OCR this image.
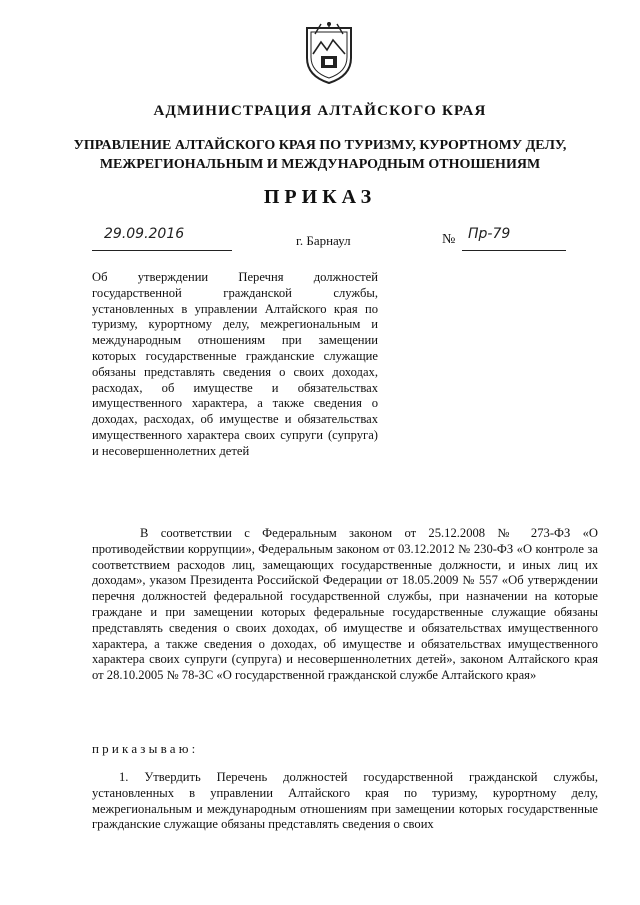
АДМИНИСТРАЦИЯ АЛТАЙСКОГО КРАЯ
УПРАВЛЕНИЕ АЛТАЙСКОГО КРАЯ ПО ТУРИЗМУ, КУРОРТНОМУ ДЕЛУ,
МЕЖРЕГИОНАЛЬНЫМ И МЕЖДУНАРОДНЫМ ОТНОШЕНИЯМ
ПРИКАЗ
29.09.2016	г. Барнаул	№ Пр-79
Об утверждении Перечня должностей государственной гражданской службы, установленных в управлении Алтайского края по туризму, курортному делу, межрегиональным и международным отношениям при замещении которых государственные гражданские служащие обязаны представлять сведения о своих доходах, расходах, об имуществе и обязательствах имущественного характера, а также сведения о доходах, расходах, об имуществе и обязательствах имущественного характера своих супруги (супруга) и несовершеннолетних детей
В соответствии с Федеральным законом от 25.12.2008 № 273-ФЗ «О противодействии коррупции», Федеральным законом от 03.12.2012 № 230-ФЗ «О контроле за соответствием расходов лиц, замещающих государственные должности, и иных лиц их доходам», указом Президента Российской Федерации от 18.05.2009 № 557 «Об утверждении перечня должностей федеральной государственной службы, при назначении на которые граждане и при замещении которых федеральные государственные служащие обязаны представлять сведения о своих доходах, об имуществе и обязательствах имущественного характера, а также сведения о доходах, об имуществе и обязательствах имущественного характера своих супруги (супруга) и несовершеннолетних детей», законом Алтайского края от 28.10.2005 № 78-ЗС «О государственной гражданской службе Алтайского края»
приказываю:
1. Утвердить Перечень должностей государственной гражданской службы, установленных в управлении Алтайского края по туризму, курортному делу, межрегиональным и международным отношениям при замещении которых государственные гражданские служащие обязаны представлять сведения о своих
